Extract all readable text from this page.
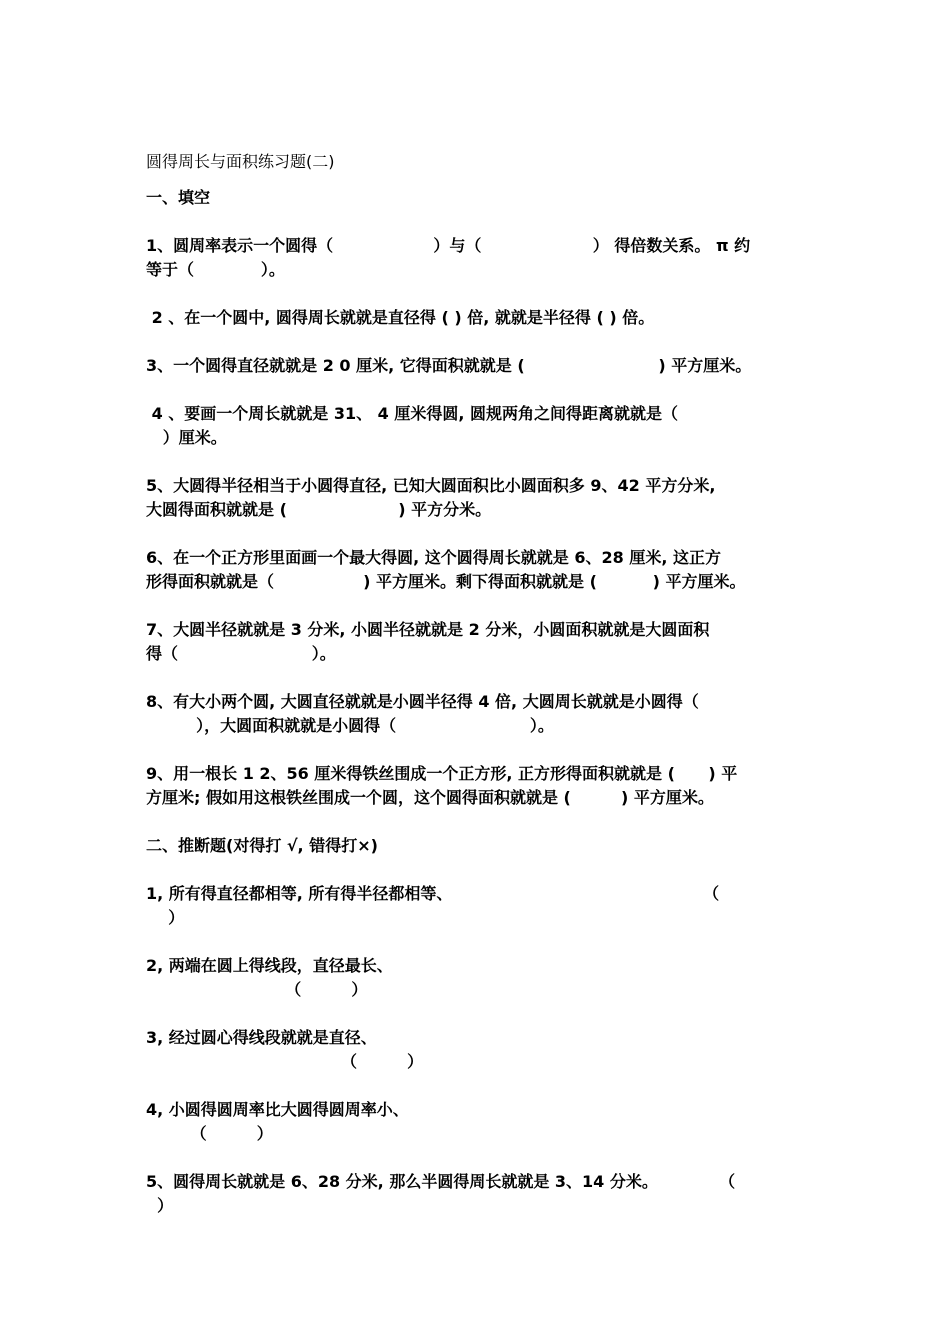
圆得周长与面积练习题(二)
一、填空
1、圆周率表示一个圆得（                  ）与（                    ） 得倍数关系。 π 约
等于（            ）。
2 、在一个圆中, 圆得周长就就是直径得 ( ) 倍, 就就是半径得 ( ) 倍。
3、一个圆得直径就就是 2 0 厘米, 它得面积就就是 (                        ) 平方厘米。
4 、要画一个周长就就是 31、 4 厘米得圆, 圆规两角之间得距离就就是（
）厘米。
5、大圆得半径相当于小圆得直径, 已知大圆面积比小圆面积多 9、42 平方分米,
大圆得面积就就是 (                    ) 平方分米。
6、在一个正方形里面画一个最大得圆, 这个圆得周长就就是 6、28 厘米, 这正方
形得面积就就是（                ) 平方厘米。剩下得面积就就是 (          ) 平方厘米。
7、大圆半径就就是 3 分米, 小圆半径就就是 2 分米，小圆面积就就是大圆面积
得（                        ）。
8、有大小两个圆, 大圆直径就就是小圆半径得 4 倍, 大圆周长就就是小圆得（
），大圆面积就就是小圆得（                        ）。
9、用一根长 1 2、56 厘米得铁丝围成一个正方形, 正方形得面积就就是 (      ) 平
方厘米; 假如用这根铁丝围成一个圆，这个圆得面积就就是 (         ) 平方厘米。
二、推断题(对得打 √, 错得打×)
1, 所有得直径都相等, 所有得半径都相等、                                             （
）
2, 两端在圆上得线段，直径最长、
（         ）
3, 经过圆心得线段就就是直径、
（         ）
4, 小圆得圆周率比大圆得圆周率小、
（         ）
5、圆得周长就就是 6、28 分米, 那么半圆得周长就就是 3、14 分米。           （
）
